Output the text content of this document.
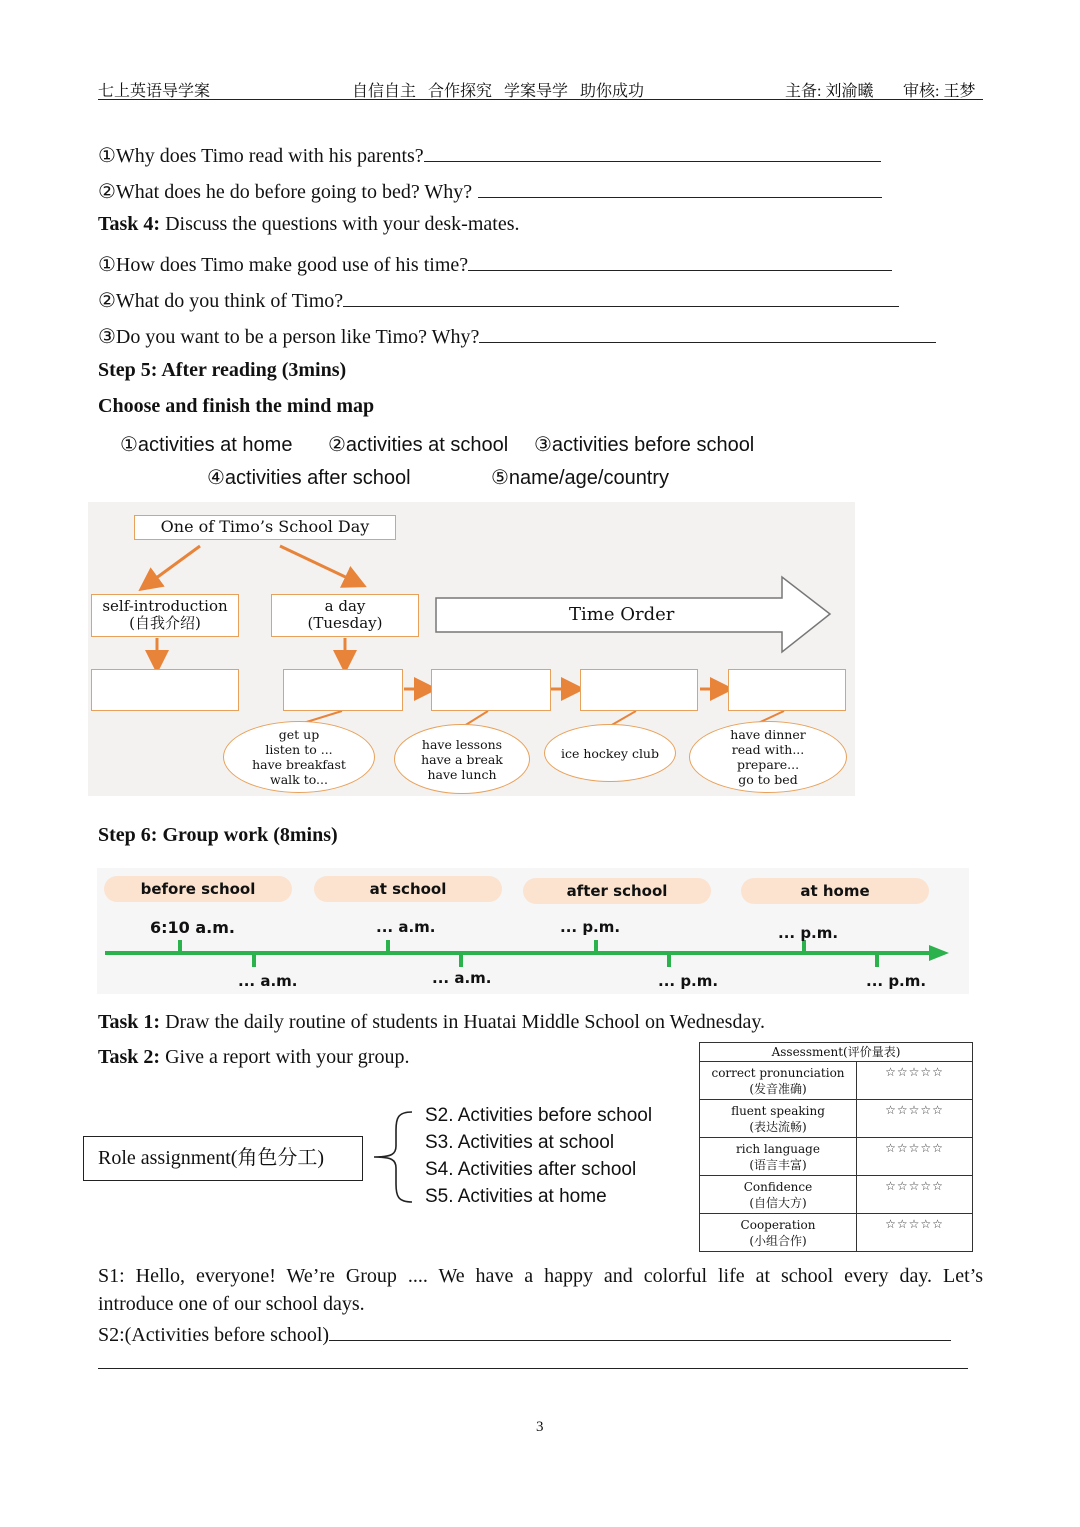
七上英语导学案	自信自主   合作探究   学案导学   助你成功	主备: 刘渝曦 审核: 王梦
①Why does Timo read with his parents?
②What does he do before going to bed? Why?
Task 4: Discuss the questions with your desk-mates.
①How does Timo make good use of his time?
②What do you think of Timo?
③Do you want to be a person like Timo? Why?
Step 5: After reading (3mins)
Choose and finish the mind map
①activities at home ②activities at school ③activities before school
④activities after school	⑤name/age/country
One of Timo’s School Day
self-introduction
(自我介绍)
a day
(Tuesday)	Time Order
get up
listen to ...
have breakfast
walk to...
have lessons
have a break
have lunch
ice hockey club
have dinner
read with...
prepare...
go to bed
Step 6: Group work (8mins)
before school	at school	after school	at home
6:10 a.m.	... a.m.	... p.m.	... p.m.
... a.m.	... a.m.	... p.m.	... p.m.
Task 1: Draw the daily routine of students in Huatai Middle School on Wednesday.
Task 2: Give a report with your group.
Role assignment(角色分工)
S2. Activities before school
S3. Activities at school
S4. Activities after school
S5. Activities at home
Assessment(评价量表)	

correct pronunciation
(发音准确)	☆☆☆☆☆

fluent speaking
(表达流畅)	☆☆☆☆☆

rich language
(语言丰富)	☆☆☆☆☆

Confidence
(自信大方)	☆☆☆☆☆

Cooperation
(小组合作)	☆☆☆☆☆
S1: Hello, everyone! We’re Group .... We have a happy and colorful life at school every day. Let’s
introduce one of our school days.
S2:(Activities before school)
3
